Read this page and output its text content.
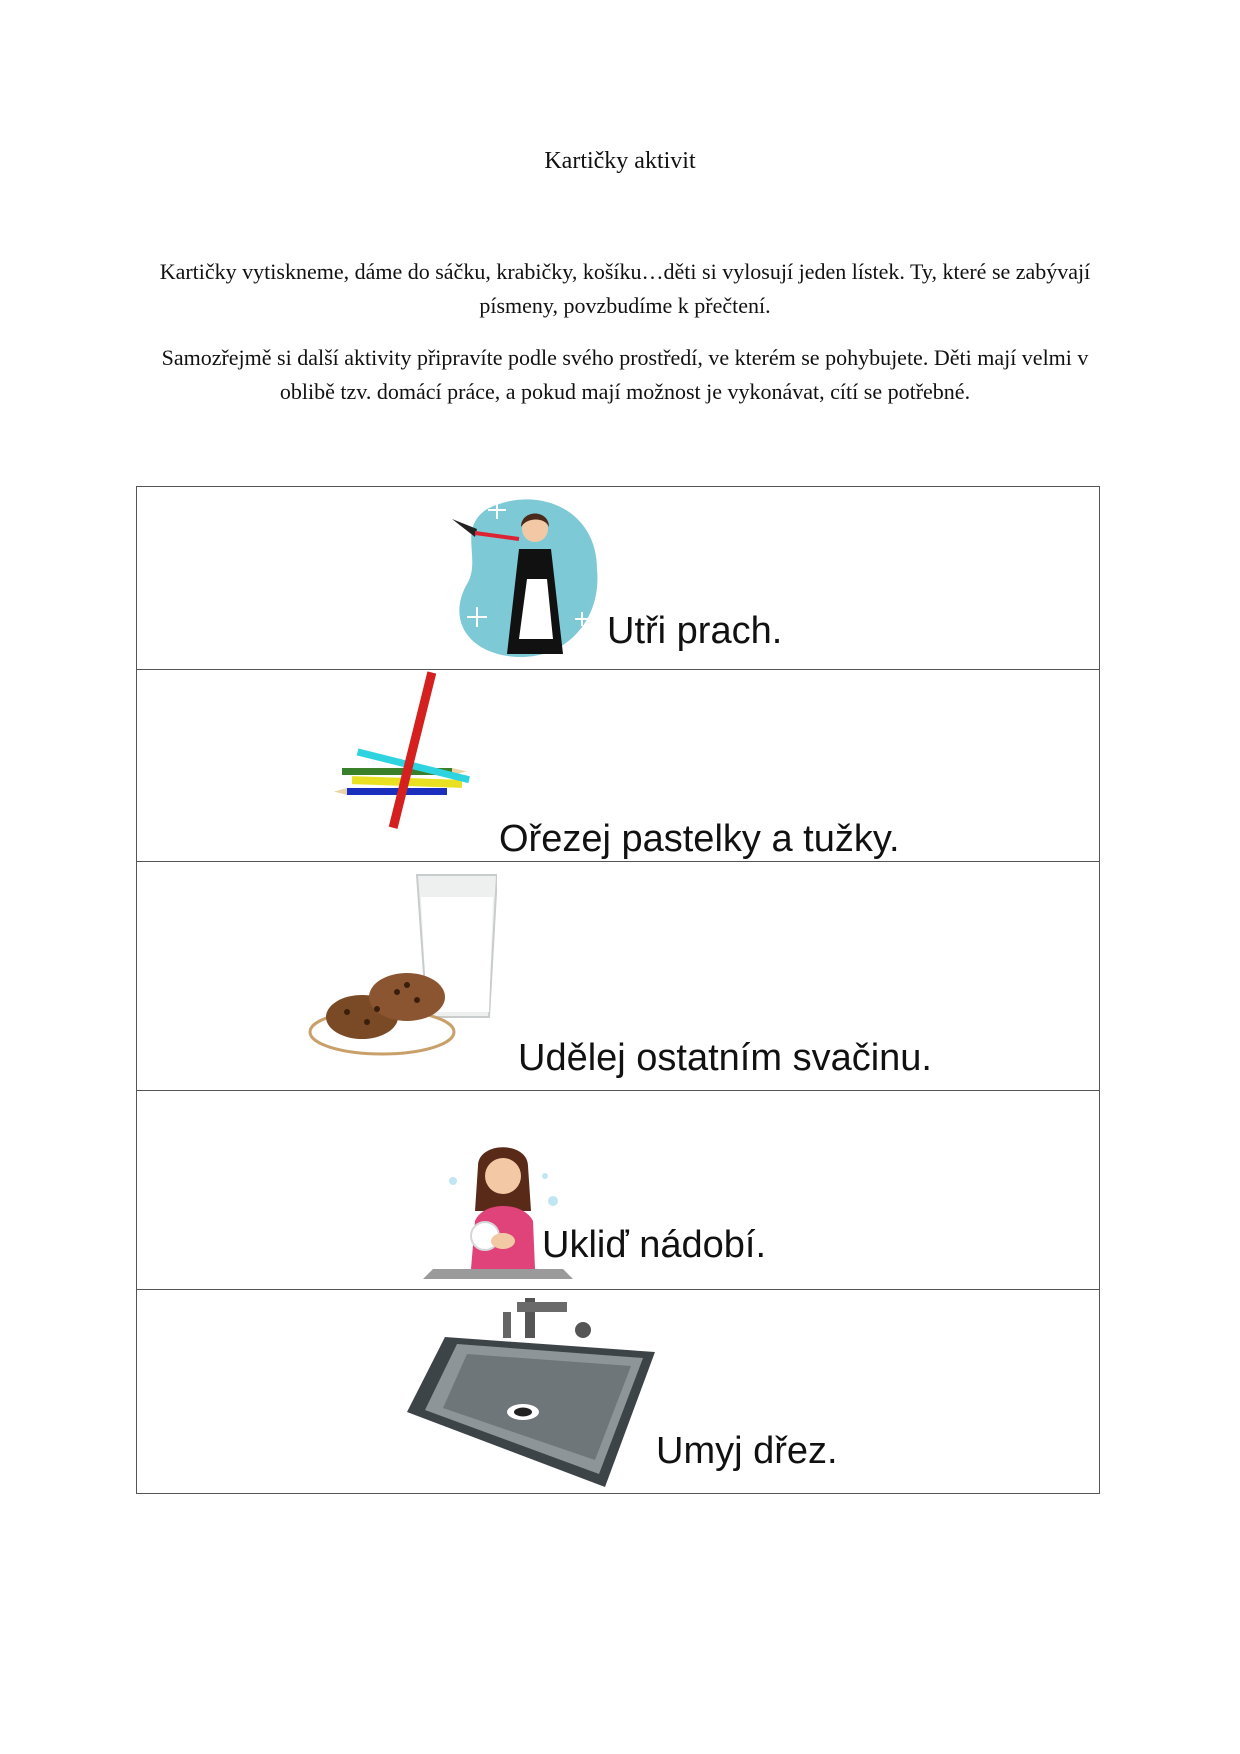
Kartičky aktivit

Kartičky vytiskneme, dáme do sáčku, krabičky, košíku…děti si vylosují jeden lístek. Ty, které se zabývají písmeny, povzbudíme k přečtení.

Samozřejmě si další aktivity připravíte podle svého prostředí, ve kterém se pohybujete. Děti mají velmi v oblibě tzv. domácí práce, a pokud mají možnost je vykonávat, cítí se potřebné.

Utři prach.
Ořezej pastelky a tužky.
Udělej ostatním svačinu.
Ukliď nádobí.
Umyj dřez.
